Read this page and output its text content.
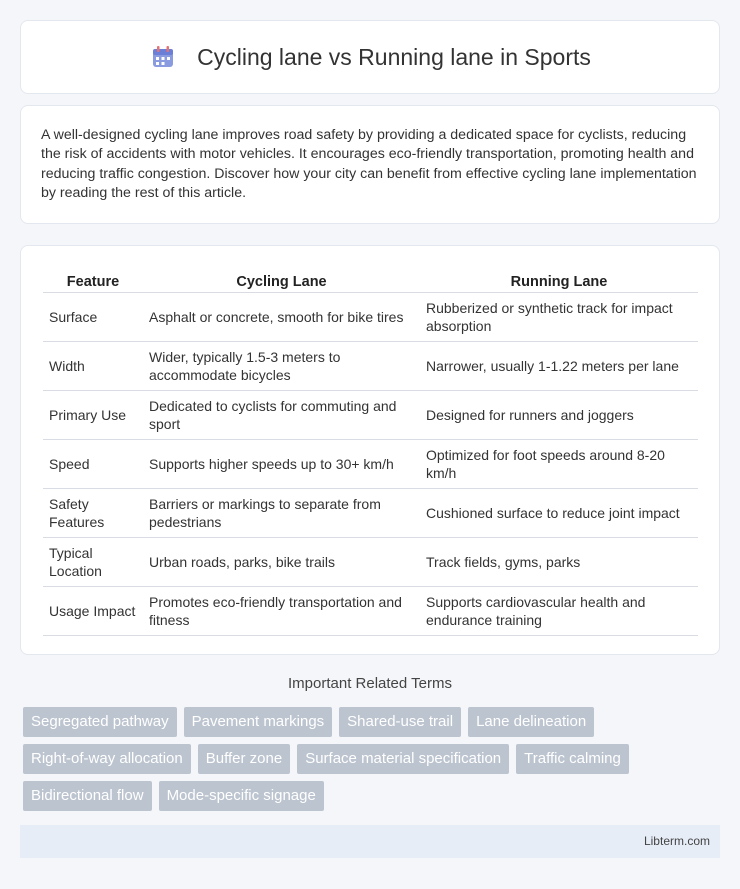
Cycling lane vs Running lane in Sports

A well-designed cycling lane improves road safety by providing a dedicated space for cyclists, reducing the risk of accidents with motor vehicles. It encourages eco-friendly transportation, promoting health and reducing traffic congestion. Discover how your city can benefit from effective cycling lane implementation by reading the rest of this article.

Feature	Cycling Lane	Running Lane
Surface	Asphalt or concrete, smooth for bike tires	Rubberized or synthetic track for impact absorption
Width	Wider, typically 1.5-3 meters to accommodate bicycles	Narrower, usually 1-1.22 meters per lane
Primary Use	Dedicated to cyclists for commuting and sport	Designed for runners and joggers
Speed	Supports higher speeds up to 30+ km/h	Optimized for foot speeds around 8-20 km/h
Safety Features	Barriers or markings to separate from pedestrians	Cushioned surface to reduce joint impact
Typical Location	Urban roads, parks, bike trails	Track fields, gyms, parks
Usage Impact	Promotes eco-friendly transportation and fitness	Supports cardiovascular health and endurance training
Important Related Terms
Segregated pathway	Pavement markings	Shared-use trail	Lane delineation
Right-of-way allocation	Buffer zone	Surface material specification	Traffic calming
Bidirectional flow	Mode-specific signage
Libterm.com
